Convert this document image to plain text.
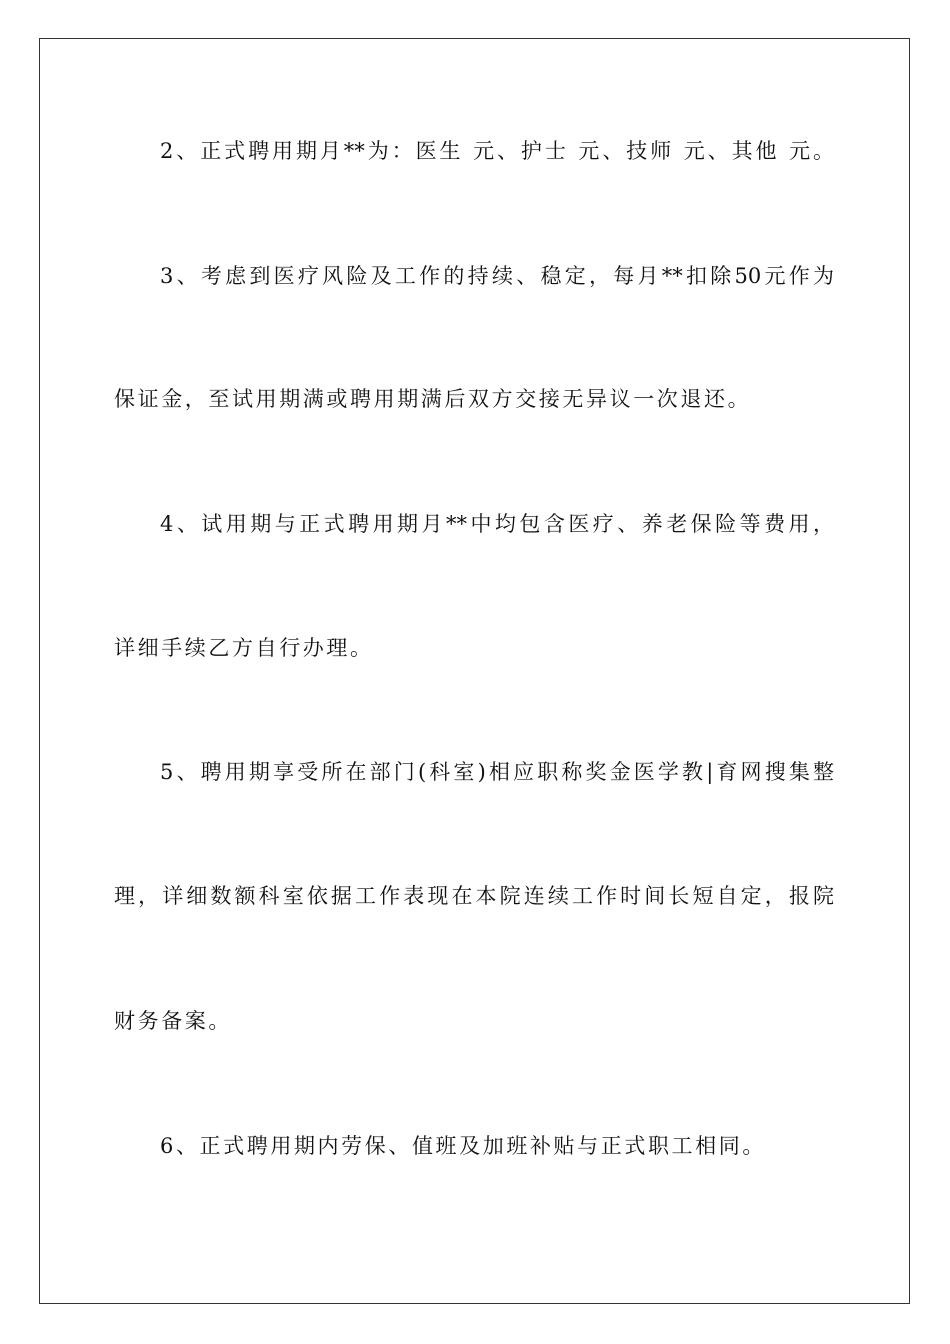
2、正式聘用期月**为：医生 元、护士 元、技师 元、其他 元。

3、考虑到医疗风险及工作的持续、稳定，每月**扣除50元作为

保证金，至试用期满或聘用期满后双方交接无异议一次退还。

4、试用期与正式聘用期月**中均包含医疗、养老保险等费用，

详细手续乙方自行办理。

5、聘用期享受所在部门(科室)相应职称奖金医学教|育网搜集整

理，详细数额科室依据工作表现在本院连续工作时间长短自定，报院

财务备案。

6、正式聘用期内劳保、值班及加班补贴与正式职工相同。
